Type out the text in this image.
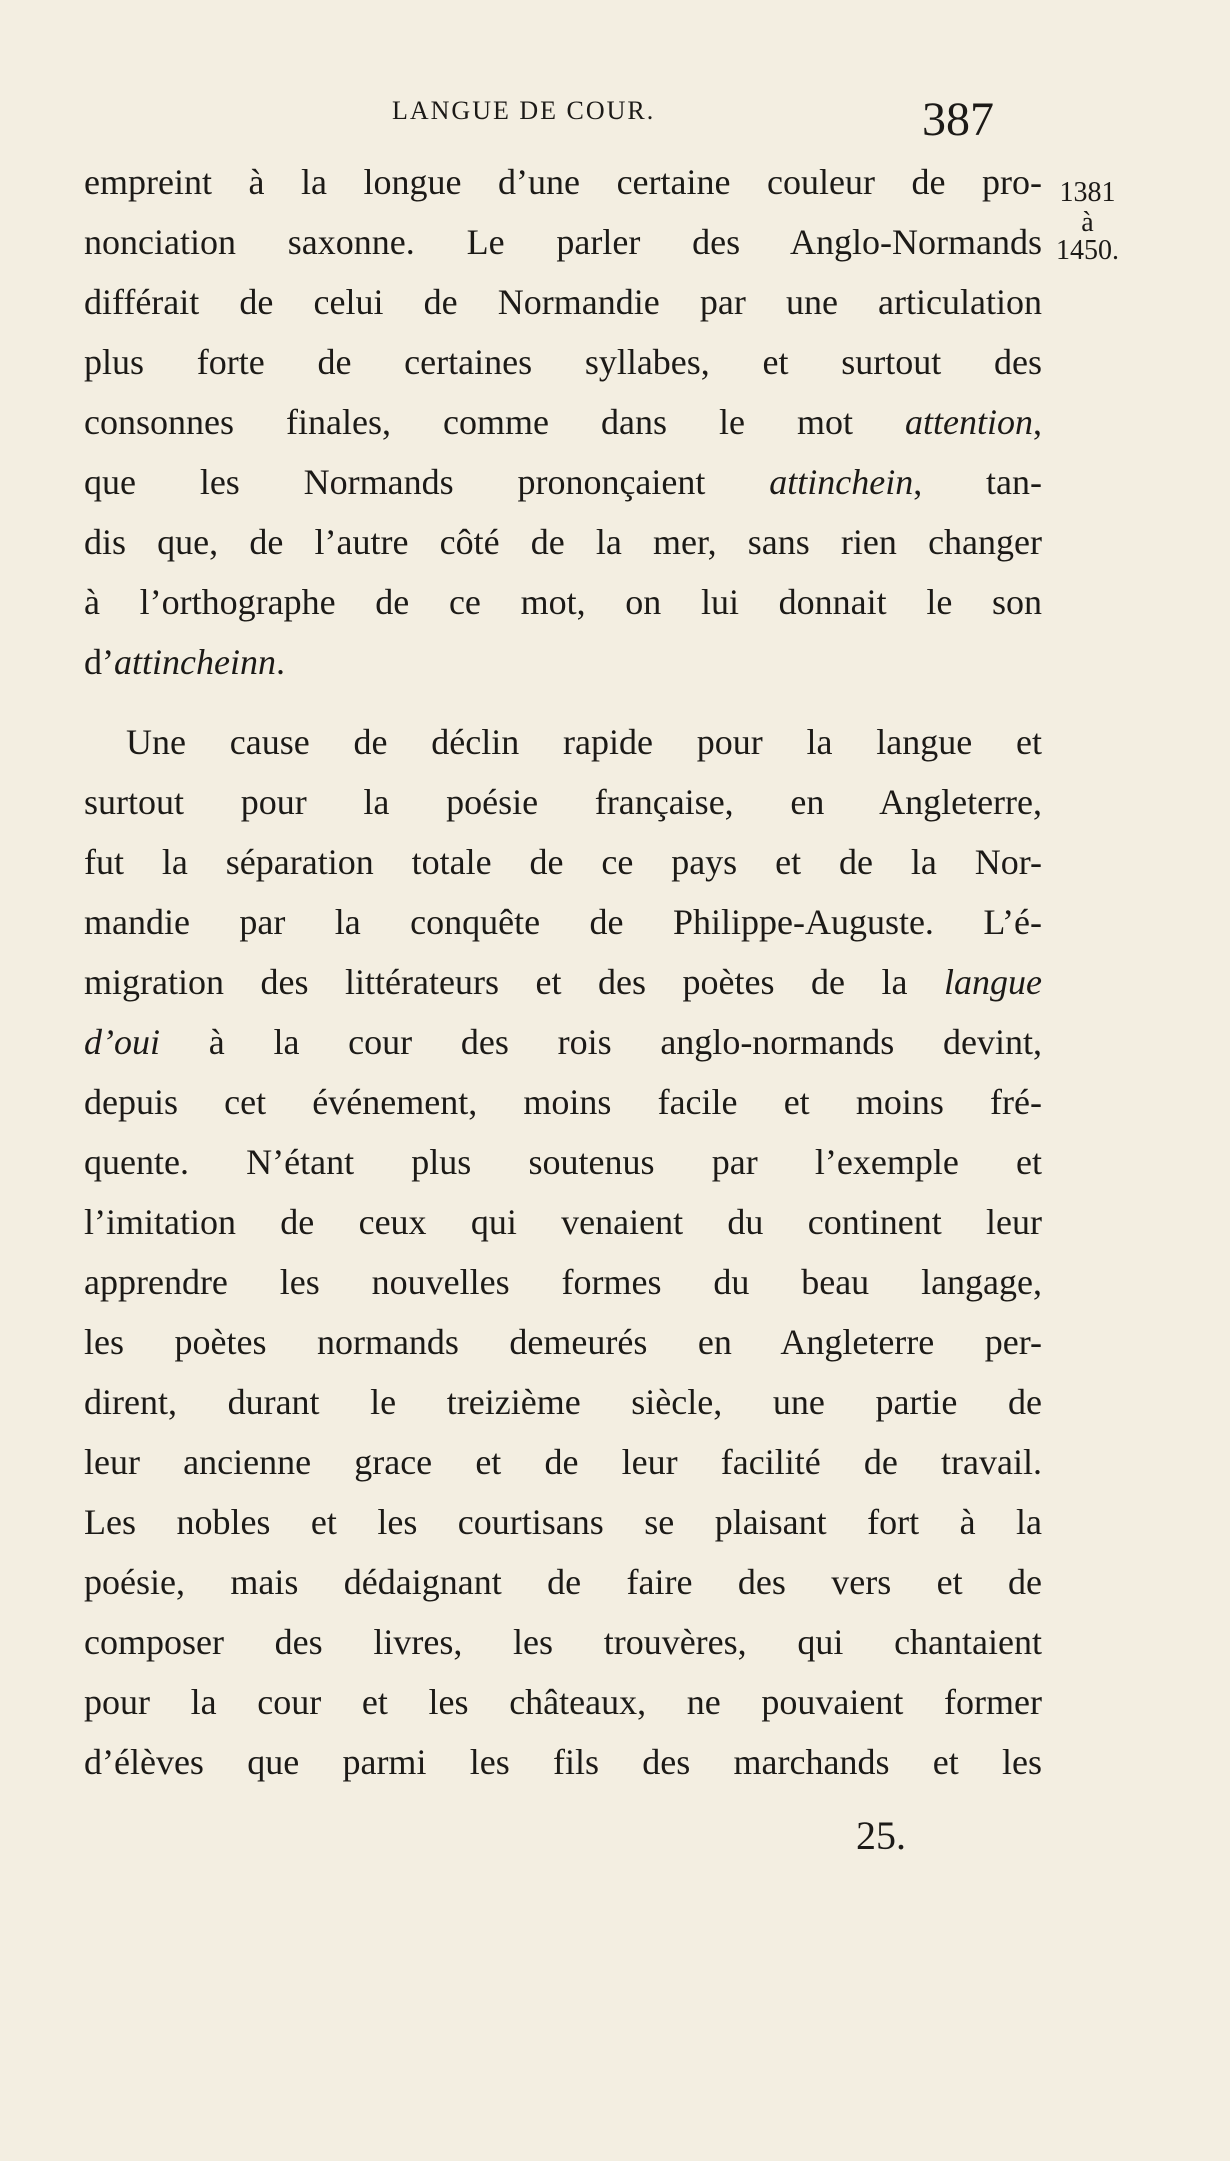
LANGUE DE COUR.	387
1381
à
1450.
empreint à la longue d’une certaine couleur de pro-
nonciation saxonne. Le parler des Anglo-Normands
différait de celui de Normandie par une articulation
plus forte de certaines syllabes, et surtout des
consonnes finales, comme dans le mot attention,
que les Normands prononçaient attinchein, tan-
dis que, de l’autre côté de la mer, sans rien changer
à l’orthographe de ce mot, on lui donnait le son
d’attincheinn.
Une cause de déclin rapide pour la langue et
surtout pour la poésie française, en Angleterre,
fut la séparation totale de ce pays et de la Nor-
mandie par la conquête de Philippe-Auguste. L’é-
migration des littérateurs et des poètes de la langue
d’oui à la cour des rois anglo-normands devint,
depuis cet événement, moins facile et moins fré-
quente. N’étant plus soutenus par l’exemple et
l’imitation de ceux qui venaient du continent leur
apprendre les nouvelles formes du beau langage,
les poètes normands demeurés en Angleterre per-
dirent, durant le treizième siècle, une partie de
leur ancienne grace et de leur facilité de travail.
Les nobles et les courtisans se plaisant fort à la
poésie, mais dédaignant de faire des vers et de
composer des livres, les trouvères, qui chantaient
pour la cour et les châteaux, ne pouvaient former
d’élèves que parmi les fils des marchands et les
25.
